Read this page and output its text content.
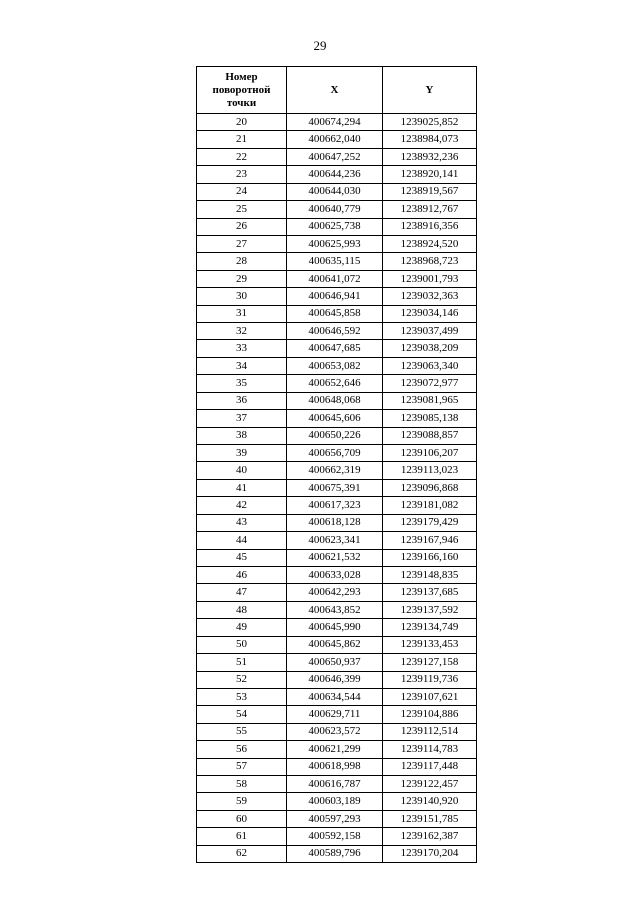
29
Номер поворотной точки	X	Y
20	400674,294	1239025,852
21	400662,040	1238984,073
22	400647,252	1238932,236
23	400644,236	1238920,141
24	400644,030	1238919,567
25	400640,779	1238912,767
26	400625,738	1238916,356
27	400625,993	1238924,520
28	400635,115	1238968,723
29	400641,072	1239001,793
30	400646,941	1239032,363
31	400645,858	1239034,146
32	400646,592	1239037,499
33	400647,685	1239038,209
34	400653,082	1239063,340
35	400652,646	1239072,977
36	400648,068	1239081,965
37	400645,606	1239085,138
38	400650,226	1239088,857
39	400656,709	1239106,207
40	400662,319	1239113,023
41	400675,391	1239096,868
42	400617,323	1239181,082
43	400618,128	1239179,429
44	400623,341	1239167,946
45	400621,532	1239166,160
46	400633,028	1239148,835
47	400642,293	1239137,685
48	400643,852	1239137,592
49	400645,990	1239134,749
50	400645,862	1239133,453
51	400650,937	1239127,158
52	400646,399	1239119,736
53	400634,544	1239107,621
54	400629,711	1239104,886
55	400623,572	1239112,514
56	400621,299	1239114,783
57	400618,998	1239117,448
58	400616,787	1239122,457
59	400603,189	1239140,920
60	400597,293	1239151,785
61	400592,158	1239162,387
62	400589,796	1239170,204
